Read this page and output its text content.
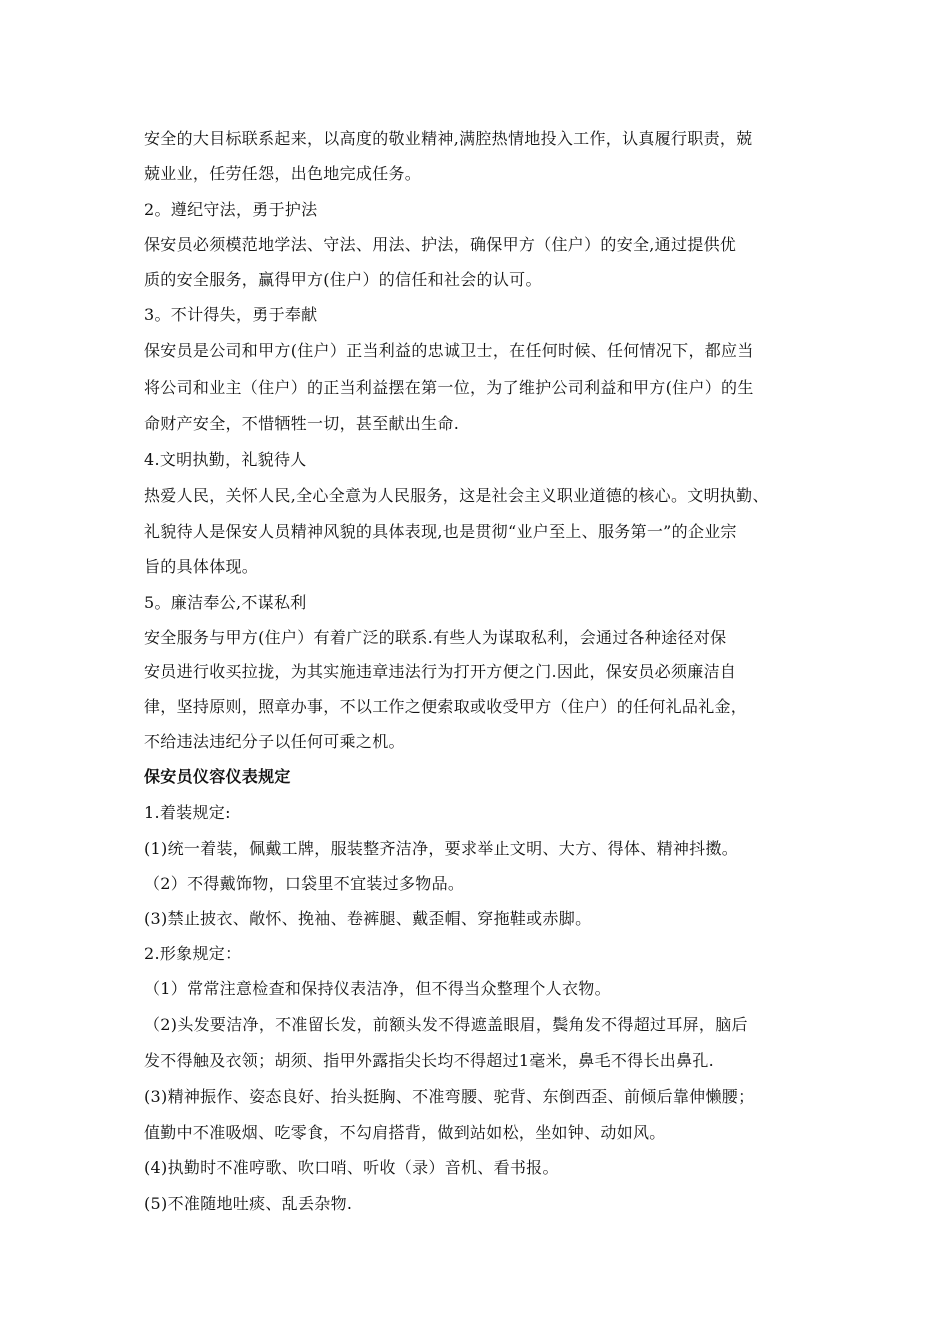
安全的大目标联系起来，以高度的敬业精神,满腔热情地投入工作，认真履行职责，兢
兢业业，任劳任怨，出色地完成任务。
2。遵纪守法，勇于护法
保安员必须模范地学法、守法、用法、护法，确保甲方（住户）的安全,通过提供优
质的安全服务，赢得甲方(住户）的信任和社会的认可。
3。不计得失，勇于奉献
保安员是公司和甲方(住户）正当利益的忠诚卫士，在任何时候、任何情况下，都应当
将公司和业主（住户）的正当利益摆在第一位，为了维护公司利益和甲方(住户）的生
命财产安全，不惜牺牲一切，甚至献出生命.
4.文明执勤，礼貌待人
热爱人民，关怀人民,全心全意为人民服务，这是社会主义职业道德的核心。文明执勤、
礼貌待人是保安人员精神风貌的具体表现,也是贯彻“业户至上、服务第一”的企业宗
旨的具体体现。
5。廉洁奉公,不谋私利
安全服务与甲方(住户）有着广泛的联系.有些人为谋取私利，会通过各种途径对保
安员进行收买拉拢，为其实施违章违法行为打开方便之门.因此，保安员必须廉洁自
律，坚持原则，照章办事，不以工作之便索取或收受甲方（住户）的任何礼品礼金，
不给违法违纪分子以任何可乘之机。
保安员仪容仪表规定
1.着装规定:
(1)统一着装，佩戴工牌，服装整齐洁净，要求举止文明、大方、得体、精神抖擞。
（2）不得戴饰物，口袋里不宜装过多物品。
(3)禁止披衣、敞怀、挽袖、卷裤腿、戴歪帽、穿拖鞋或赤脚。
2.形象规定：
（1）常常注意检查和保持仪表洁净，但不得当众整理个人衣物。
（2)头发要洁净，不准留长发，前额头发不得遮盖眼眉，鬓角发不得超过耳屏，脑后
发不得触及衣领；胡须、指甲外露指尖长均不得超过1毫米，鼻毛不得长出鼻孔.
(3)精神振作、姿态良好、抬头挺胸、不准弯腰、驼背、东倒西歪、前倾后靠伸懒腰；
值勤中不准吸烟、吃零食，不勾肩搭背，做到站如松，坐如钟、动如风。
(4)执勤时不准哼歌、吹口哨、听收（录）音机、看书报。
(5)不准随地吐痰、乱丢杂物.
